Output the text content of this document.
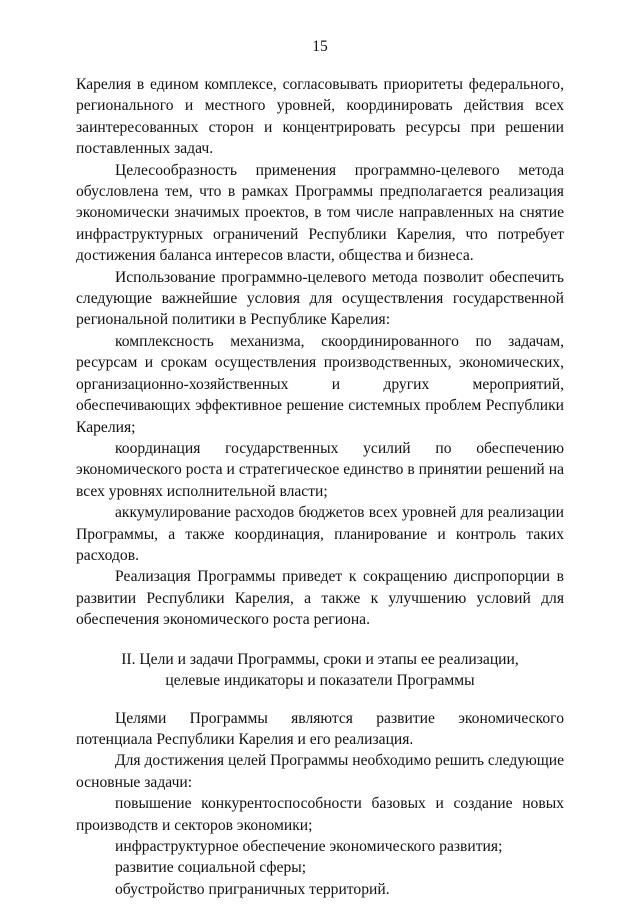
15

Карелия в едином комплексе, согласовывать приоритеты федерального, регионального и местного уровней, координировать действия всех заинтересованных сторон и концентрировать ресурсы при решении поставленных задач.

Целесообразность применения программно-целевого метода обусловлена тем, что в рамках Программы предполагается реализация экономически значимых проектов, в том числе направленных на снятие инфраструктурных ограничений Республики Карелия, что потребует достижения баланса интересов власти, общества и бизнеса.

Использование программно-целевого метода позволит обеспечить следующие важнейшие условия для осуществления государственной региональной политики в Республике Карелия:

комплексность механизма, скоординированного по задачам, ресурсам и срокам осуществления производственных, экономических, организационно-хозяйственных и других мероприятий, обеспечивающих эффективное решение системных проблем Республики Карелия;

координация государственных усилий по обеспечению экономического роста и стратегическое единство в принятии решений на всех уровнях исполнительной власти;

аккумулирование расходов бюджетов всех уровней для реализации Программы, а также координация, планирование и контроль таких расходов.

Реализация Программы приведет к сокращению диспропорции в развитии Республики Карелия, а также к улучшению условий для обеспечения экономического роста региона.

II. Цели и задачи Программы, сроки и этапы ее реализации,
целевые индикаторы и показатели Программы

Целями Программы являются развитие экономического потенциала Республики Карелия и его реализация.

Для достижения целей Программы необходимо решить следующие основные задачи:

повышение конкурентоспособности базовых и создание новых производств и секторов экономики;

инфраструктурное обеспечение экономического развития;

развитие социальной сферы;

обустройство приграничных территорий.
